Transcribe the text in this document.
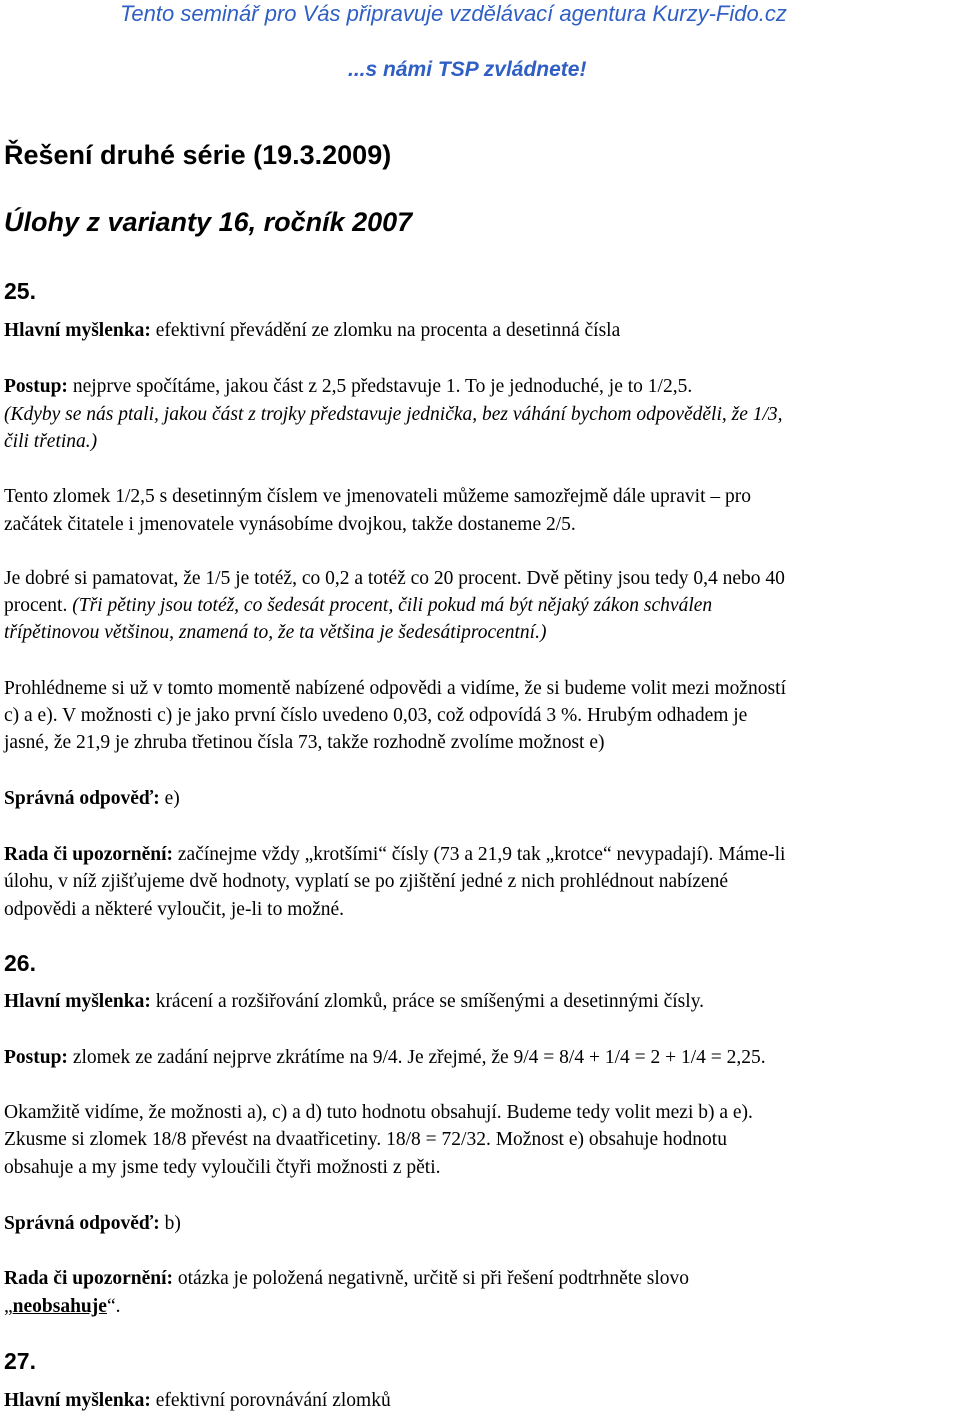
Tento seminář pro Vás připravuje vzdělávací agentura Kurzy-Fido.cz
...s námi TSP zvládnete!
Řešení druhé série (19.3.2009)
Úlohy z varianty 16, ročník 2007
25.
Hlavní myšlenka: efektivní převádění ze zlomku na procenta a desetinná čísla
Postup: nejprve spočítáme, jakou část z 2,5 představuje 1. To je jednoduché, je to 1/2,5.
(Kdyby se nás ptali, jakou část z trojky představuje jednička, bez váhání bychom odpověděli, že 1/3,
čili třetina.)
Tento zlomek 1/2,5 s desetinným číslem ve jmenovateli můžeme samozřejmě dále upravit – pro
začátek čitatele i jmenovatele vynásobíme dvojkou, takže dostaneme 2/5.
Je dobré si pamatovat, že 1/5 je totéž, co 0,2 a totéž co 20 procent. Dvě pětiny jsou tedy 0,4 nebo 40
procent. (Tři pětiny jsou totéž, co šedesát procent, čili pokud má být nějaký zákon schválen
třípětinovou většinou, znamená to, že ta většina je šedesátiprocentní.)
Prohlédneme si už v tomto momentě nabízené odpovědi a vidíme, že si budeme volit mezi možností
c) a e). V možnosti c) je jako první číslo uvedeno 0,03, což odpovídá 3 %. Hrubým odhadem je
jasné, že 21,9 je zhruba třetinou čísla 73, takže rozhodně zvolíme možnost e)
Správná odpověď: e)
Rada či upozornění: začínejme vždy „krotšími“ čísly (73 a 21,9 tak „krotce“ nevypadají). Máme-li
úlohu, v níž zjišťujeme dvě hodnoty, vyplatí se po zjištění jedné z nich prohlédnout nabízené
odpovědi a některé vyloučit, je-li to možné.
26.
Hlavní myšlenka: krácení a rozšiřování zlomků, práce se smíšenými a desetinnými čísly.
Postup: zlomek ze zadání nejprve zkrátíme na 9/4. Je zřejmé, že 9/4 = 8/4 + 1/4 = 2 + 1/4 = 2,25.
Okamžitě vidíme, že možnosti a), c) a d) tuto hodnotu obsahují. Budeme tedy volit mezi b) a e).
Zkusme si zlomek 18/8 převést na dvaatřicetiny. 18/8 = 72/32. Možnost e) obsahuje hodnotu
obsahuje a my jsme tedy vyloučili čtyři možnosti z pěti.
Správná odpověď: b)
Rada či upozornění: otázka je položená negativně, určitě si při řešení podtrhněte slovo
„neobsahuje“.
27.
Hlavní myšlenka: efektivní porovnávání zlomků
